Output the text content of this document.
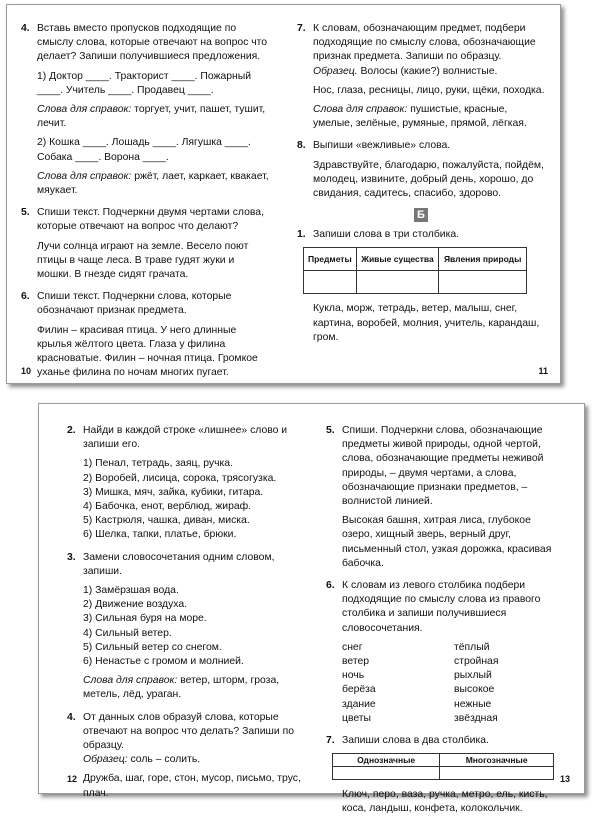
4. Вставь вместо пропусков подходящие по смыслу слова, которые отвечают на вопрос что делает? Запиши получившиеся предложения.
1) Доктор ____. Тракторист ____. Пожарный ____. Учитель ____. Продавец ____.
Слова для справок: торгует, учит, пашет, тушит, лечит.
2) Кошка ____. Лошадь ____. Лягушка ____. Собака ____. Ворона ____.
Слова для справок: ржёт, лает, каркает, квакает, мяукает.
5. Спиши текст. Подчеркни двумя чертами слова, которые отвечают на вопрос что делают?
Лучи солнца играют на земле. Весело поют птицы в чаще леса. В траве гудят жуки и мошки. В гнезде сидят грачата.
6. Спиши текст. Подчеркни слова, которые обозначают признак предмета.
Филин – красивая птица. У него длинные крылья жёлтого цвета. Глаза у филина красноватые. Филин – ночная птица. Громкое уханье филина по ночам многих пугает.
10
7. К словам, обозначающим предмет, подбери подходящие по смыслу слова, обозначающие признак предмета. Запиши по образцу.
Образец. Волосы (какие?) волнистые.
Нос, глаза, ресницы, лицо, руки, щёки, походка.
Слова для справок: пушистые, красные, умелые, зелёные, румяные, прямой, лёгкая.
8. Выпиши «вежливые» слова.
Здравствуйте, благодарю, пожалуйста, пойдём, молодец, извините, добрый день, хорошо, до свидания, садитесь, спасибо, здорово.
Б
1. Запиши слова в три столбика.
Предметы	Живые существа	Явления природы

Кукла, морж, тетрадь, ветер, малыш, снег, картина, воробей, молния, учитель, карандаш, гром.
11
2. Найди в каждой строке «лишнее» слово и запиши его.
1) Пенал, тетрадь, заяц, ручка.
2) Воробей, лисица, сорока, трясогузка.
3) Мишка, мяч, зайка, кубики, гитара.
4) Бабочка, енот, верблюд, жираф.
5) Кастрюля, чашка, диван, миска.
6) Шелка, тапки, платье, брюки.
3. Замени словосочетания одним словом, запиши.
1) Замёрзшая вода.
2) Движение воздуха.
3) Сильная буря на море.
4) Сильный ветер.
5) Сильный ветер со снегом.
6) Ненастье с громом и молнией.
Слова для справок: ветер, шторм, гроза, метель, лёд, ураган.
4. От данных слов образуй слова, которые отвечают на вопрос что делать? Запиши по образцу.
Образец: соль – солить.
Дружба, шаг, горе, стон, мусор, письмо, трус, плач.
12
5. Спиши. Подчеркни слова, обозначающие предметы живой природы, одной чертой, слова, обозначающие предметы неживой природы, – двумя чертами, а слова, обозначающие признаки предметов, – волнистой линией.
Высокая башня, хитрая лиса, глубокое озеро, хищный зверь, верный друг, письменный стол, узкая дорожка, красивая бабочка.
6. К словам из левого столбика подбери подходящие по смыслу слова из правого столбика и запиши получившиеся словосочетания.
снег	тёплый
ветер	стройная
ночь	рыхлый
берёза	высокое
здание	нежные
цветы	звёздная
7. Запиши слова в два столбика.
Однозначные	Многозначные

Ключ, перо, ваза, ручка, метро, ель, кисть, коса, ландыш, конфета, колокольчик.
13
